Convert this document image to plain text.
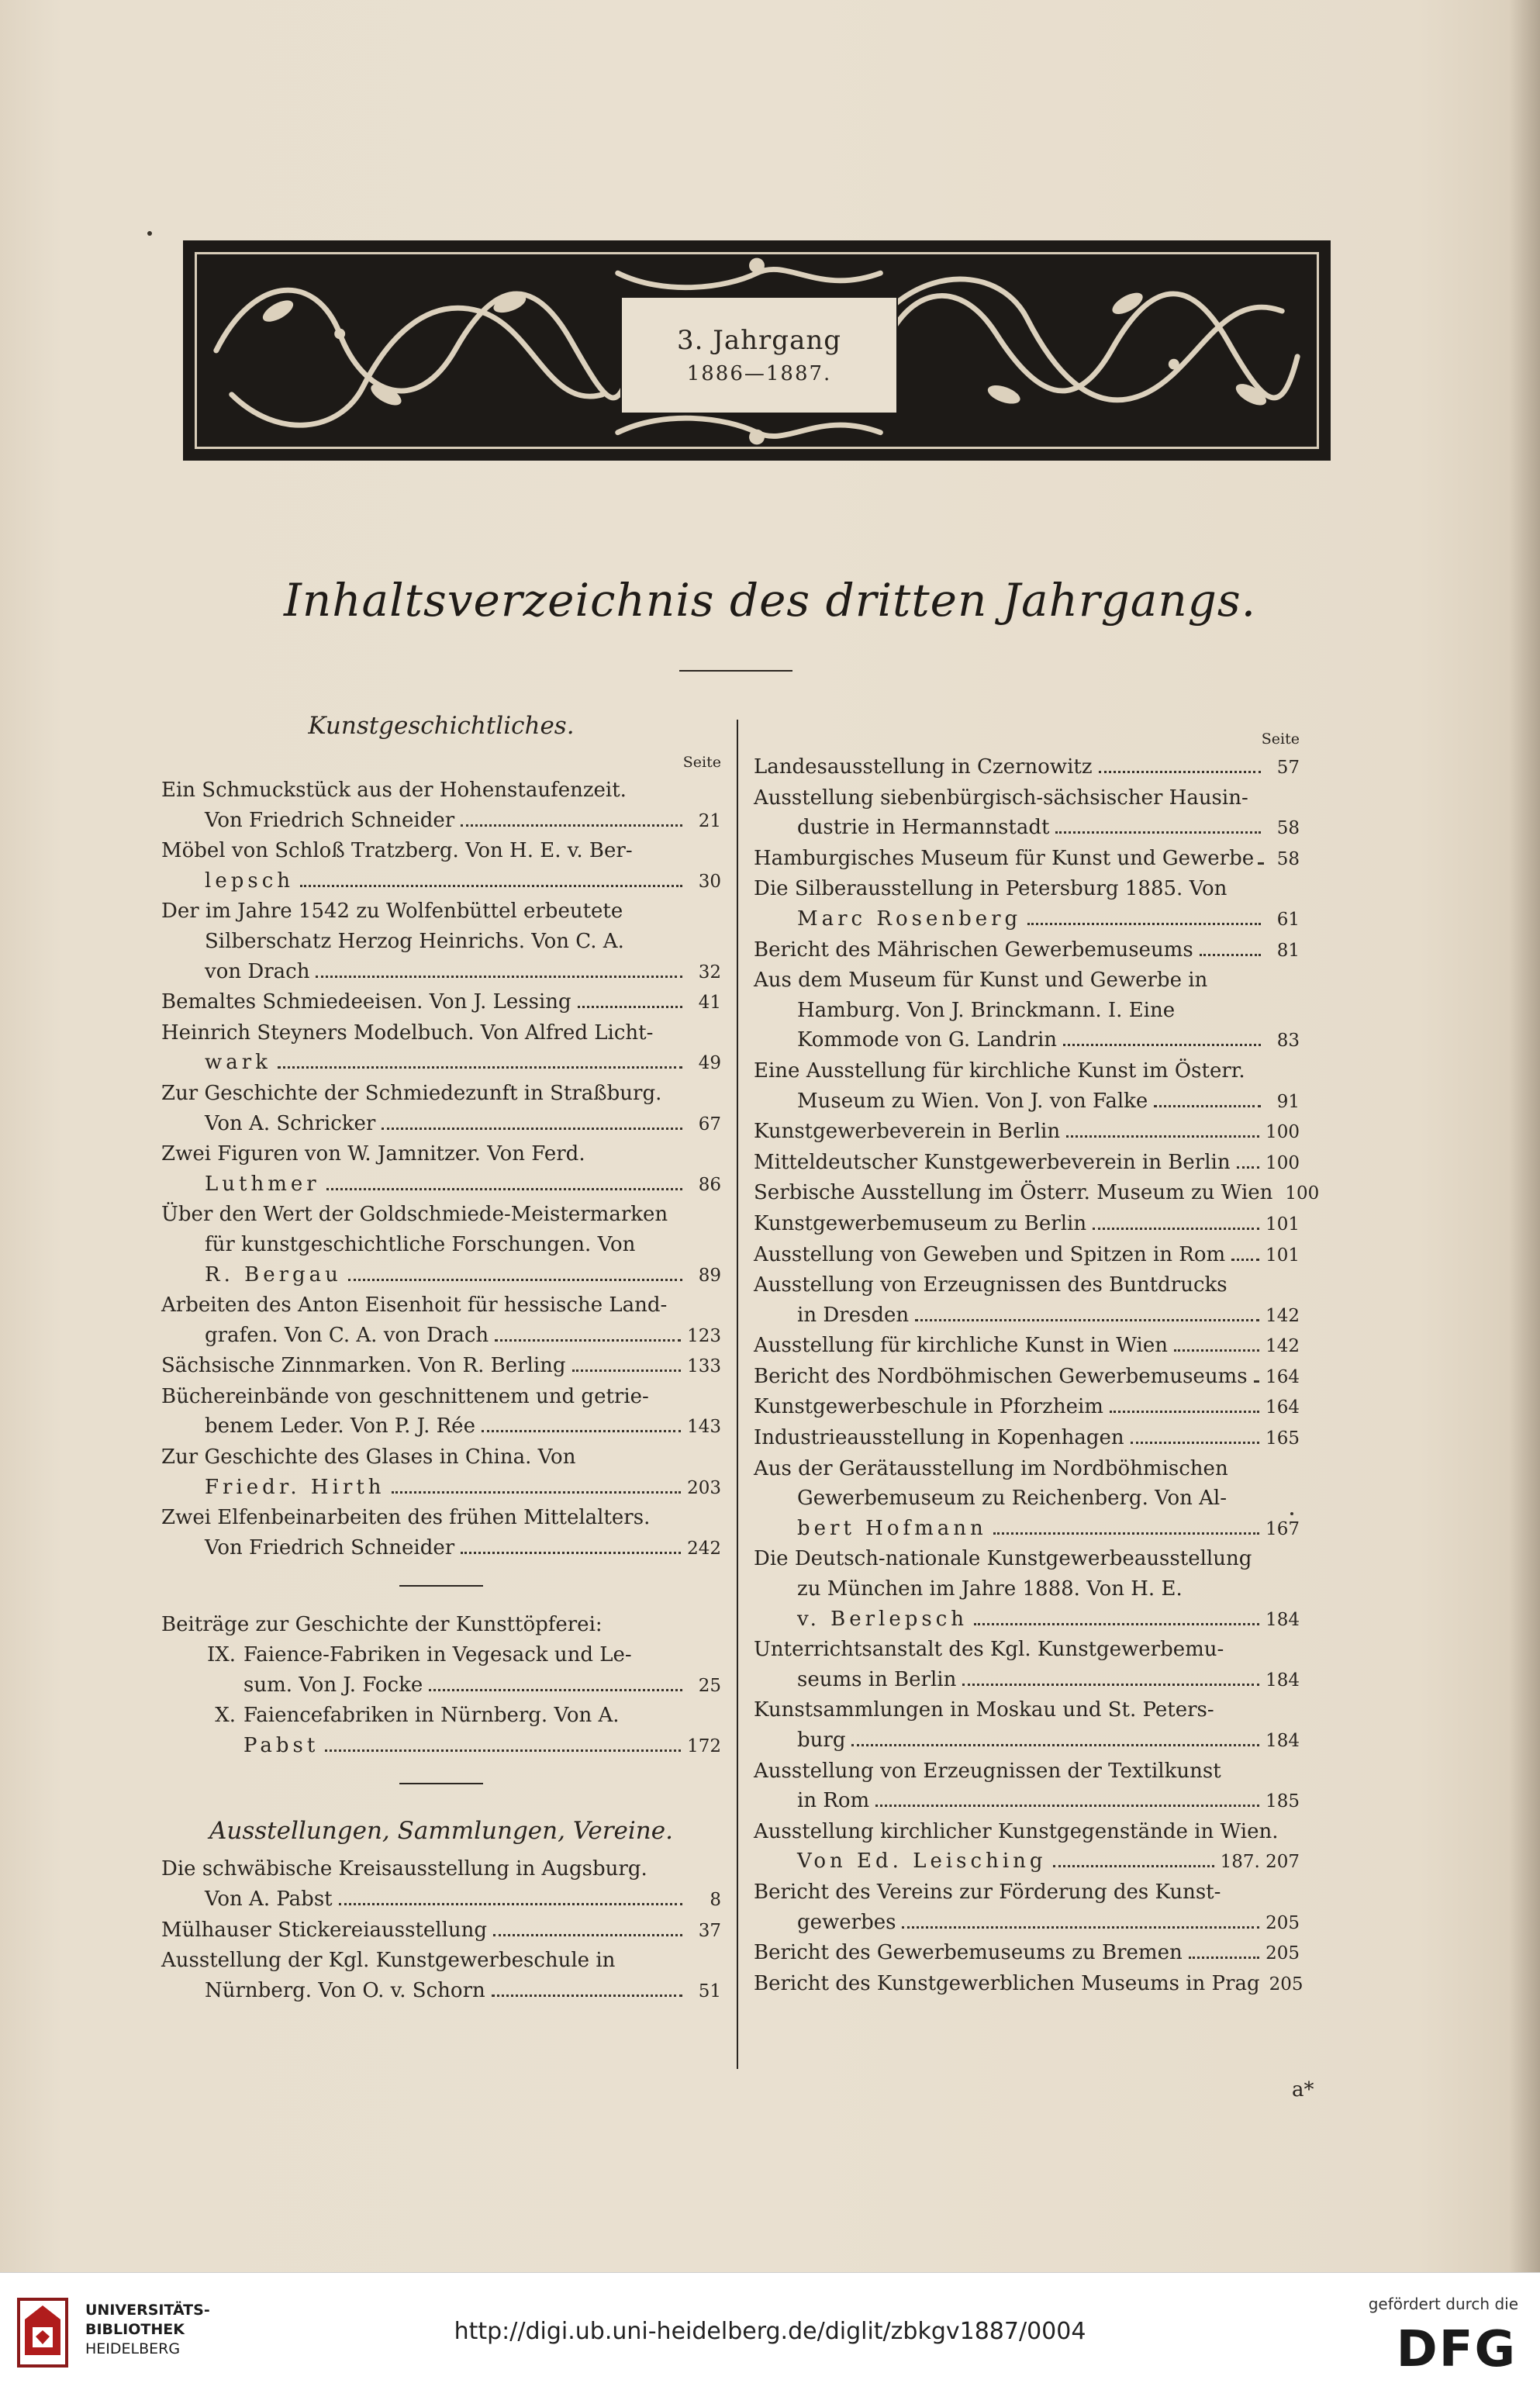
3. Jahrgang
1886—1887.
Inhaltsverzeichnis des dritten Jahrgangs.
Kunstgeschichtliches.
Seite
Ein Schmuckstück aus der Hohenstaufenzeit.
Von Friedrich Schneider	21
Möbel von Schloß Tratzberg. Von H. E. v. Ber-
lepsch	30
Der im Jahre 1542 zu Wolfenbüttel erbeutete
Silberschatz Herzog Heinrichs. Von C. A.
von Drach	32
Bemaltes Schmiedeeisen. Von J. Lessing	41
Heinrich Steyners Modelbuch. Von Alfred Licht-
wark	49
Zur Geschichte der Schmiedezunft in Straßburg.
Von A. Schricker	67
Zwei Figuren von W. Jamnitzer. Von Ferd.
Luthmer	86
Über den Wert der Goldschmiede-Meistermarken
für kunstgeschichtliche Forschungen. Von
R. Bergau	89
Arbeiten des Anton Eisenhoit für hessische Land-
grafen. Von C. A. von Drach	123
Sächsische Zinnmarken. Von R. Berling	133
Büchereinbände von geschnittenem und getrie-
benem Leder. Von P. J. Rée	143
Zur Geschichte des Glases in China. Von
Friedr. Hirth	203
Zwei Elfenbeinarbeiten des frühen Mittelalters.
Von Friedrich Schneider	242
Beiträge zur Geschichte der Kunsttöpferei:
IX. Faience-Fabriken in Vegesack und Le-
sum. Von J. Focke	25
X. Faiencefabriken in Nürnberg. Von A.
Pabst	172
Ausstellungen, Sammlungen, Vereine.
Die schwäbische Kreisausstellung in Augsburg.
Von A. Pabst	8
Mülhauser Stickereiausstellung	37
Ausstellung der Kgl. Kunstgewerbeschule in
Nürnberg. Von O. v. Schorn	51
Seite
Landesausstellung in Czernowitz	57
Ausstellung siebenbürgisch-sächsischer Hausin-
dustrie in Hermannstadt	58
Hamburgisches Museum für Kunst und Gewerbe	58
Die Silberausstellung in Petersburg 1885. Von
Marc Rosenberg	61
Bericht des Mährischen Gewerbemuseums	81
Aus dem Museum für Kunst und Gewerbe in
Hamburg. Von J. Brinckmann. I. Eine
Kommode von G. Landrin	83
Eine Ausstellung für kirchliche Kunst im Österr.
Museum zu Wien. Von J. von Falke	91
Kunstgewerbeverein in Berlin	100
Mitteldeutscher Kunstgewerbeverein in Berlin 100
Serbische Ausstellung im Österr. Museum zu Wien 100
Kunstgewerbemuseum zu Berlin	101
Ausstellung von Geweben und Spitzen in Rom 101
Ausstellung von Erzeugnissen des Buntdrucks
in Dresden	142
Ausstellung für kirchliche Kunst in Wien	142
Bericht des Nordböhmischen Gewerbemuseums 164
Kunstgewerbeschule in Pforzheim	164
Industrieausstellung in Kopenhagen	165
Aus der Gerätausstellung im Nordböhmischen
Gewerbemuseum zu Reichenberg. Von Al-
bert Hofmann	167
Die Deutsch-nationale Kunstgewerbeausstellung
zu München im Jahre 1888. Von H. E.
v. Berlepsch	184
Unterrichtsanstalt des Kgl. Kunstgewerbemu-
seums in Berlin	184
Kunstsammlungen in Moskau und St. Peters-
burg	184
Ausstellung von Erzeugnissen der Textilkunst
in Rom	185
Ausstellung kirchlicher Kunstgegenstände in Wien.
Von Ed. Leisching	187. 207
Bericht des Vereins zur Förderung des Kunst-
gewerbes	205
Bericht des Gewerbemuseums zu Bremen	205
Bericht des Kunstgewerblichen Museums in Prag 205
a*
UNIVERSITÄTS-
BIBLIOTHEK
HEIDELBERG
http://digi.ub.uni-heidelberg.de/diglit/zbkgv1887/0004
gefördert durch die
DFG
